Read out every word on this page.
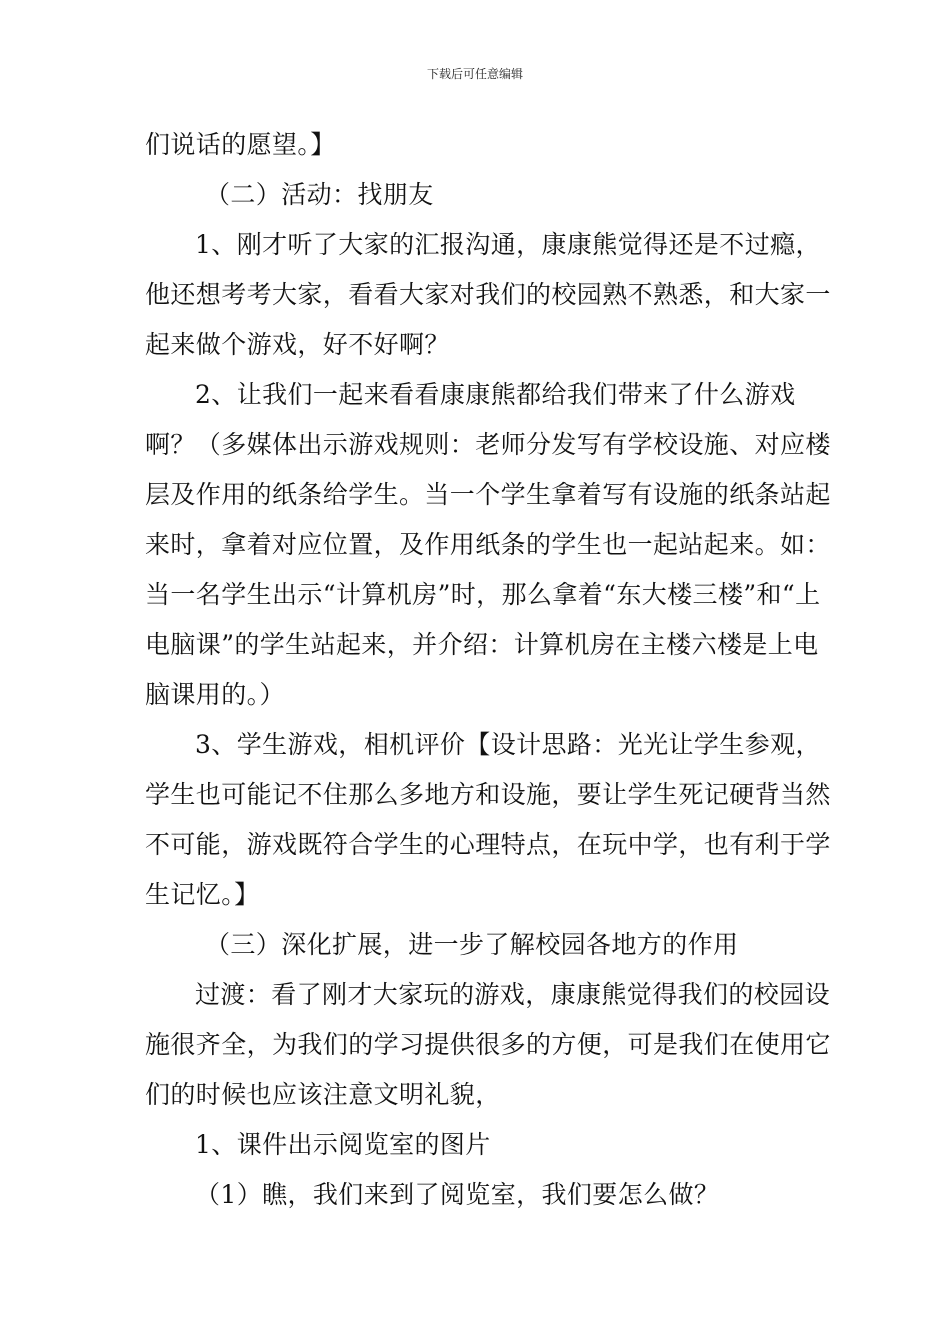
下载后可任意编辑

们说话的愿望。】

（二）活动：找朋友

1、刚才听了大家的汇报沟通，康康熊觉得还是不过瘾，他还想考考大家，看看大家对我们的校园熟不熟悉，和大家一起来做个游戏，好不好啊？

2、让我们一起来看看康康熊都给我们带来了什么游戏啊？（多媒体出示游戏规则：老师分发写有学校设施、对应楼层及作用的纸条给学生。当一个学生拿着写有设施的纸条站起来时，拿着对应位置，及作用纸条的学生也一起站起来。如：当一名学生出示“计算机房”时，那么拿着“东大楼三楼”和“上电脑课”的学生站起来，并介绍：计算机房在主楼六楼是上电脑课用的。）

3、学生游戏，相机评价【设计思路：光光让学生参观，学生也可能记不住那么多地方和设施，要让学生死记硬背当然不可能，游戏既符合学生的心理特点，在玩中学，也有利于学生记忆。】

（三）深化扩展，进一步了解校园各地方的作用

过渡：看了刚才大家玩的游戏，康康熊觉得我们的校园设施很齐全，为我们的学习提供很多的方便，可是我们在使用它们的时候也应该注意文明礼貌，

1、课件出示阅览室的图片

（1）瞧，我们来到了阅览室，我们要怎么做？
